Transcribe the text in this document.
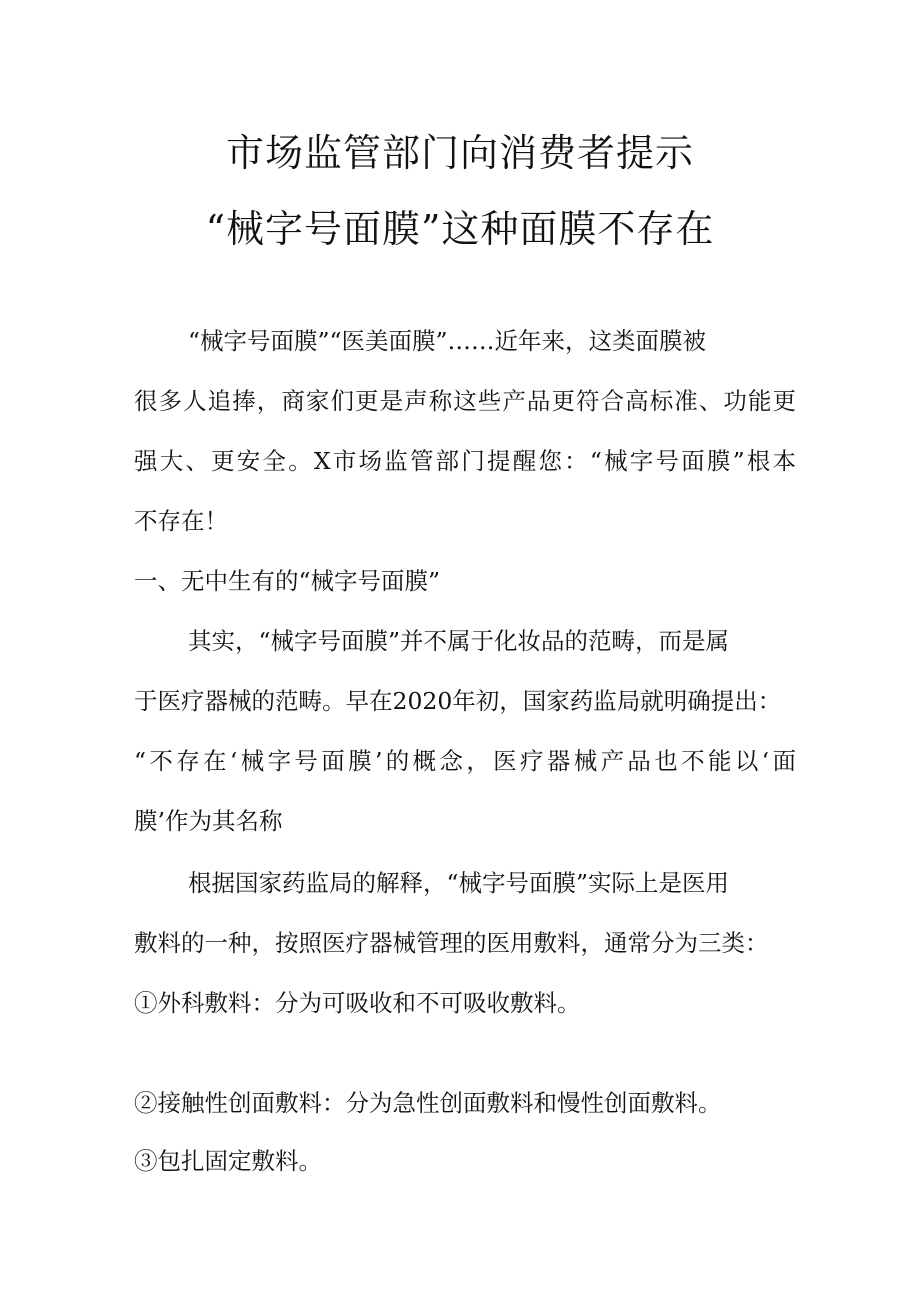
市场监管部门向消费者提示
“械字号面膜”这种面膜不存在

“械字号面膜”“医美面膜”……近年来，这类面膜被

很多人追捧，商家们更是声称这些产品更符合高标准、功能更

强大、更安全。X市场监管部门提醒您：“械字号面膜”根本

不存在！

一、无中生有的“械字号面膜”

其实，“械字号面膜”并不属于化妆品的范畴，而是属

于医疗器械的范畴。早在2020年初，国家药监局就明确提出：

“不存在‘械字号面膜’的概念，医疗器械产品也不能以‘面

膜’作为其名称

根据国家药监局的解释，“械字号面膜”实际上是医用

敷料的一种，按照医疗器械管理的医用敷料，通常分为三类：

①外科敷料：分为可吸收和不可吸收敷料。

②接触性创面敷料：分为急性创面敷料和慢性创面敷料。

③包扎固定敷料。
